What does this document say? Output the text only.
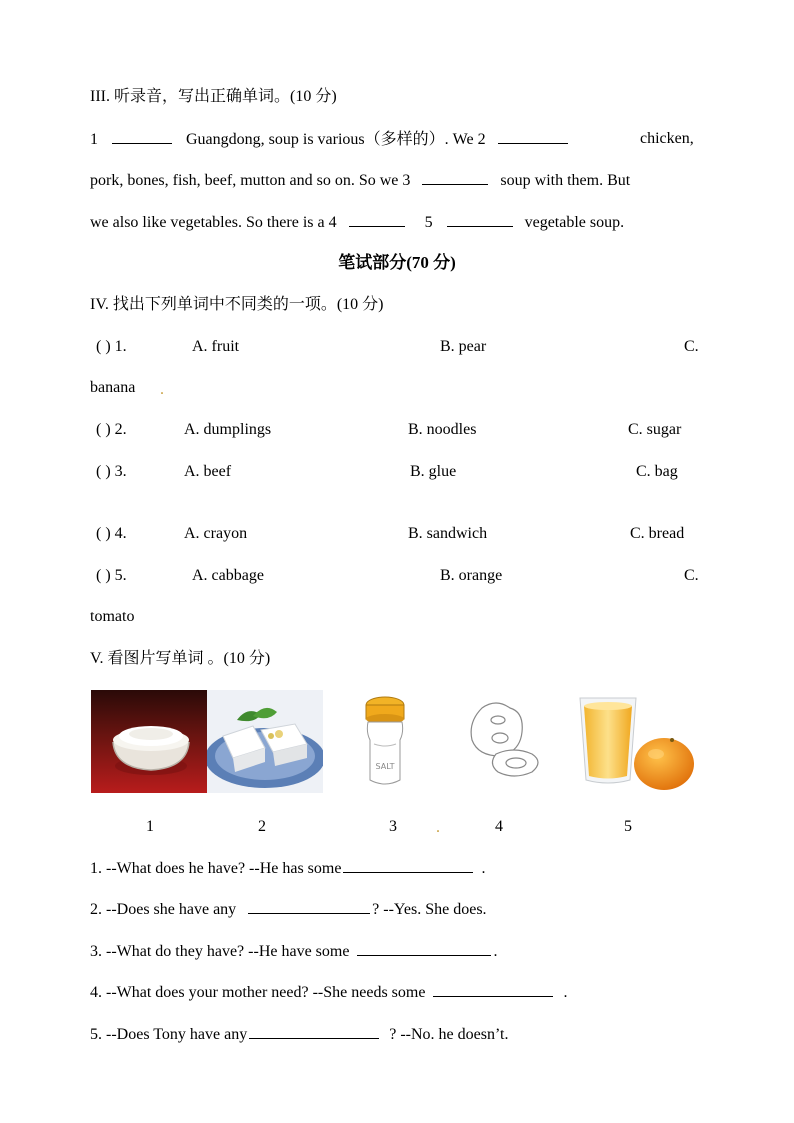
III. 听录音，写出正确单词。(10 分)
1	Guangdong, soup is various（多样的）. We 2	chicken,
pork, bones, fish, beef, mutton and so on. So we 3	soup with them. But
we also like vegetables. So there is a 4	5	vegetable soup.
笔试部分(70 分)
IV. 找出下列单词中不同类的一项。(10 分)
( ) 1.	A. fruit	B. pear	C.
banana .
( ) 2.	A. dumplings	B. noodles	C. sugar
( ) 3.	A. beef	B. glue	C. bag
( ) 4.	A. crayon	B. sandwich	C. bread
( ) 5.	A. cabbage	B. orange	C.
tomato
V. 看图片写单词 。(10 分)
SALT
1	2	3 .	4	5
1. --What does he have? --He has some	.
2. --Does she have any	? --Yes. She does.
3. --What do they have? --He have some	.
4. --What does your mother need? --She needs some	.
5. --Does Tony have any	? --No. he doesn’t.
